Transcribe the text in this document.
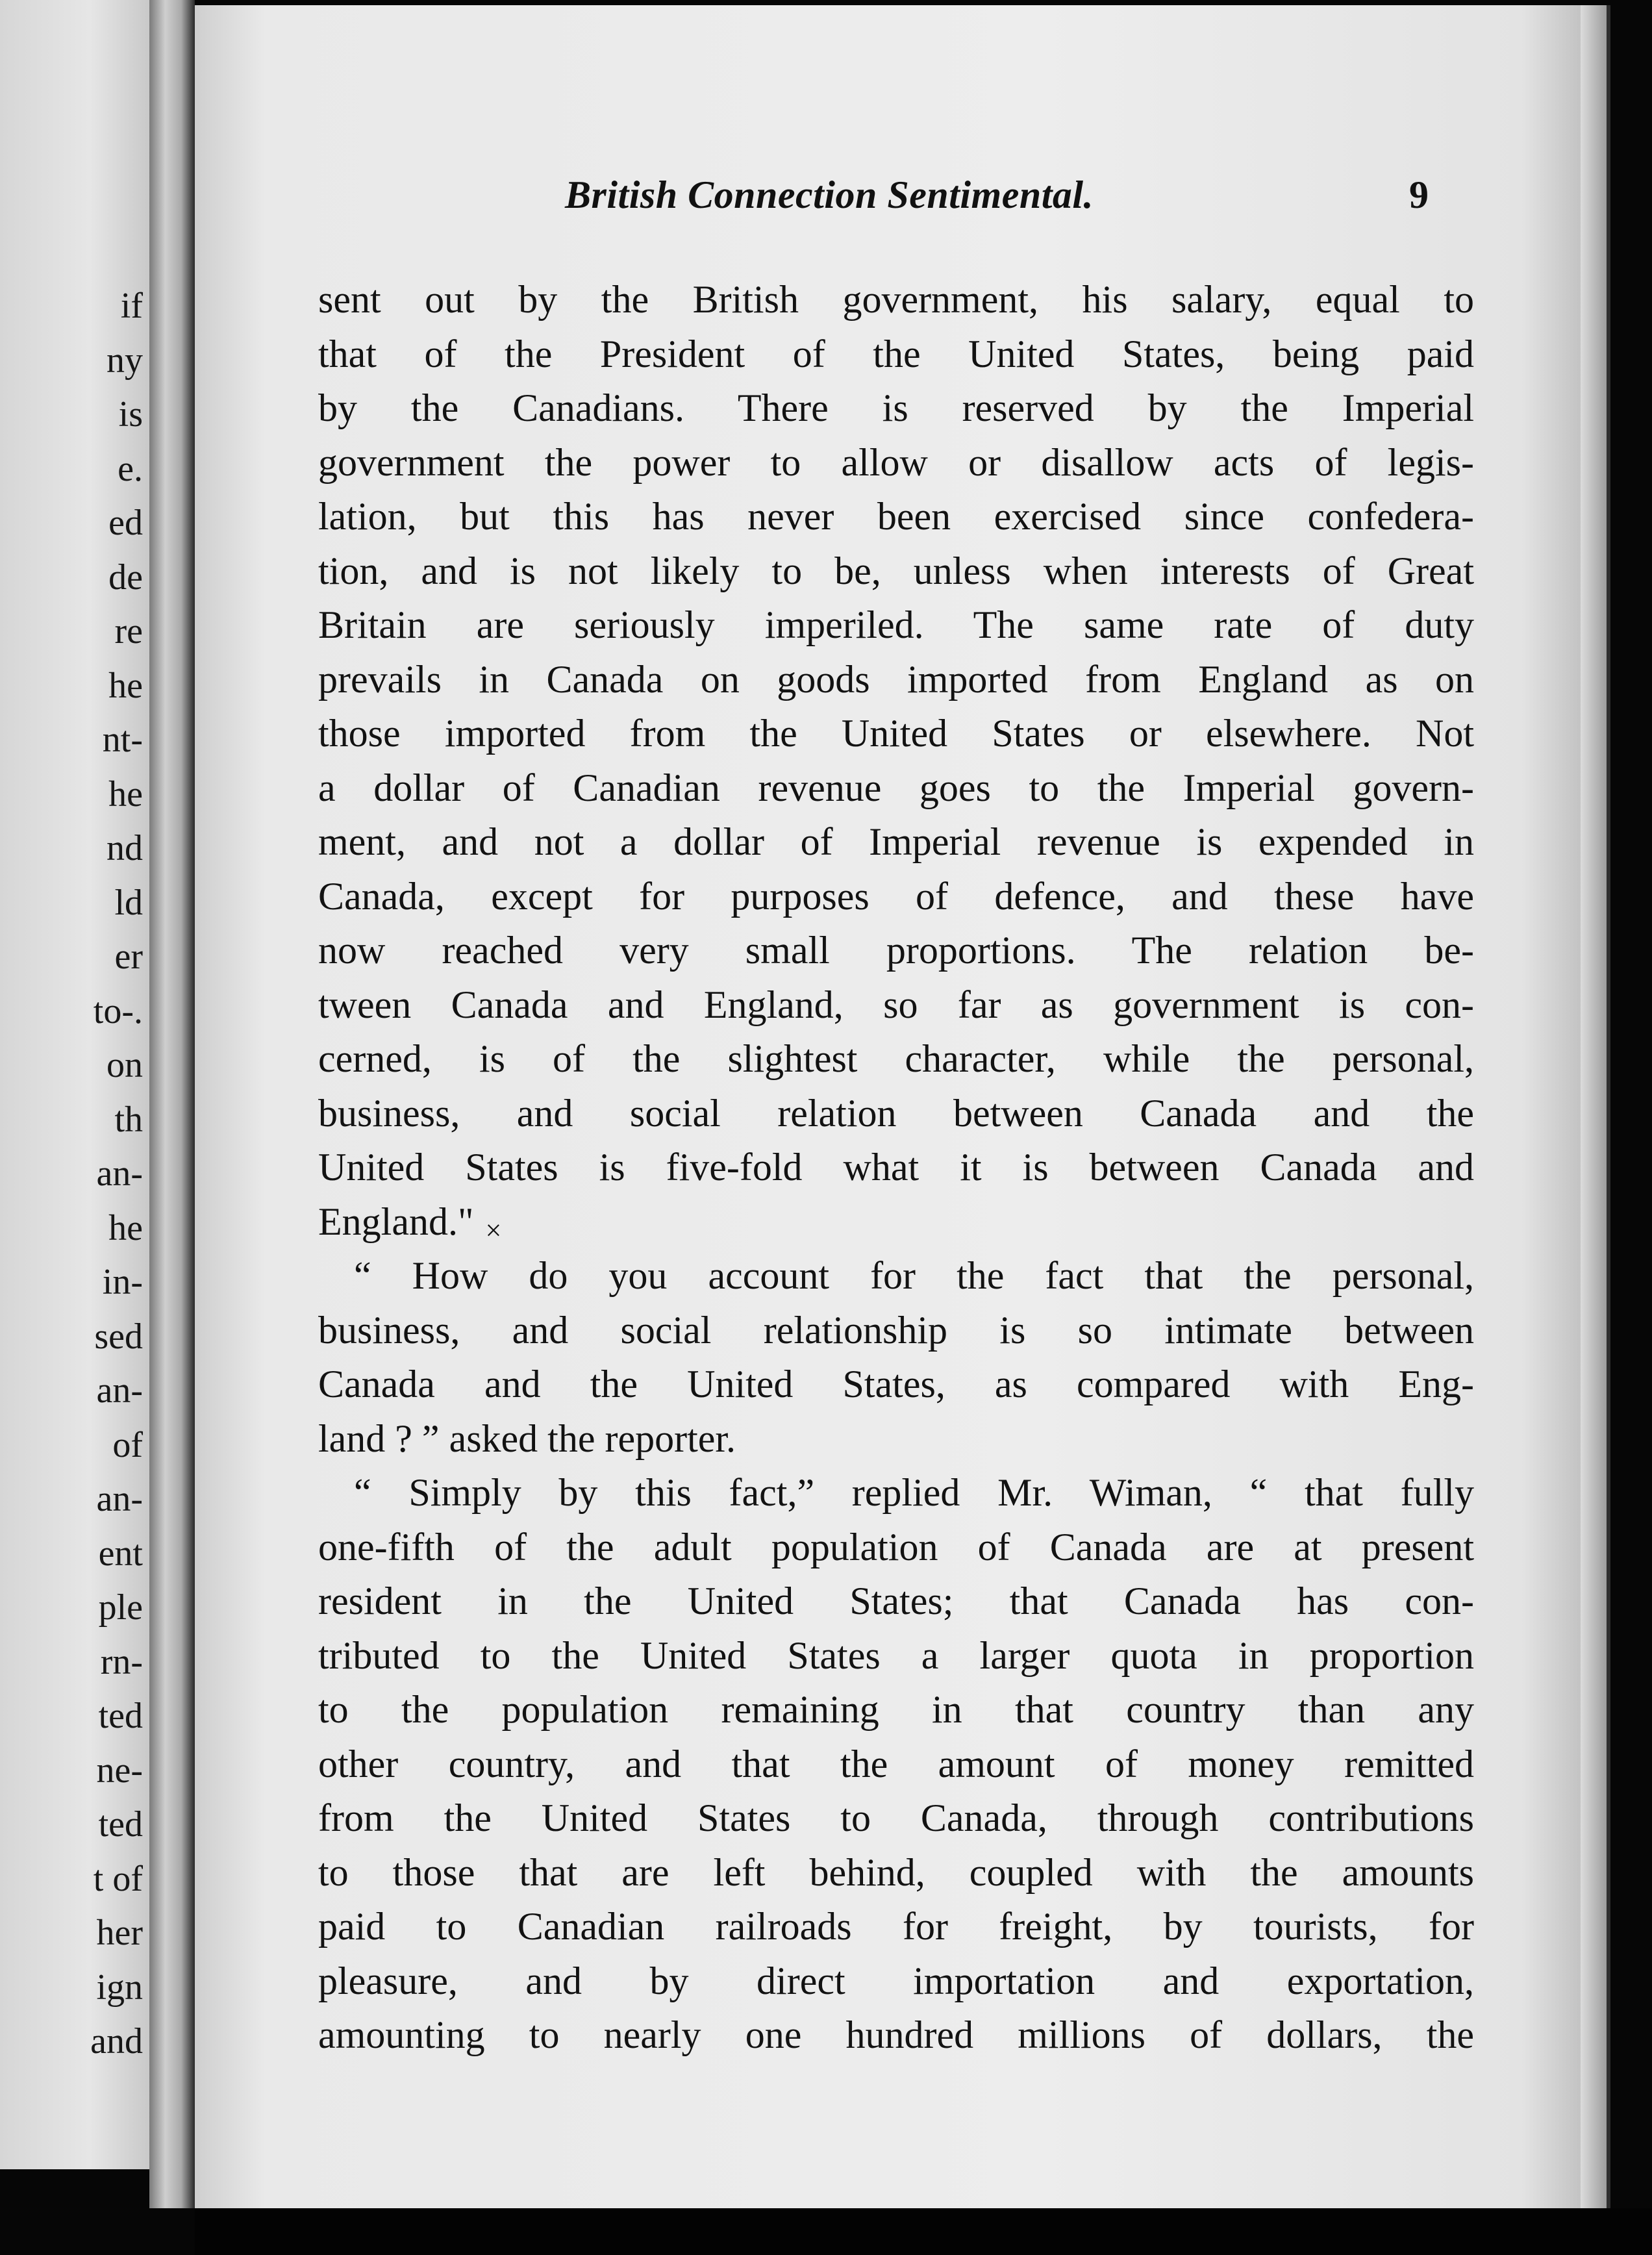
if
ny
is
e.
ed
de
re
he
nt-
he
nd
ld
er
to-.
on
th
an-
he
in-
sed
an-
of
an-
ent
ple
rn-
ted
ne-
ted
t of
her
ign
and
British Connection Sentimental.	9
sent out by the British government, his salary, equal to
that of the President of the United States, being paid
by the Canadians. There is reserved by the Imperial
government the power to allow or disallow acts of legis-
lation, but this has never been exercised since confedera-
tion, and is not likely to be, unless when interests of Great
Britain are seriously imperiled. The same rate of duty
prevails in Canada on goods imported from England as on
those imported from the United States or elsewhere. Not
a dollar of Canadian revenue goes to the Imperial govern-
ment, and not a dollar of Imperial revenue is expended in
Canada, except for purposes of defence, and these have
now reached very small proportions. The relation be-
tween Canada and England, so far as government is con-
cerned, is of the slightest character, while the personal,
business, and social relation between Canada and the
United States is five-fold what it is between Canada and
England." ×
“ How do you account for the fact that the personal,
business, and social relationship is so intimate between
Canada and the United States, as compared with Eng-
land ? ” asked the reporter.
“ Simply by this fact,” replied Mr. Wiman, “ that fully
one-fifth of the adult population of Canada are at present
resident in the United States; that Canada has con-
tributed to the United States a larger quota in proportion
to the population remaining in that country than any
other country, and that the amount of money remitted
from the United States to Canada, through contributions
to those that are left behind, coupled with the amounts
paid to Canadian railroads for freight, by tourists, for
pleasure, and by direct importation and exportation,
amounting to nearly one hundred millions of dollars, the
